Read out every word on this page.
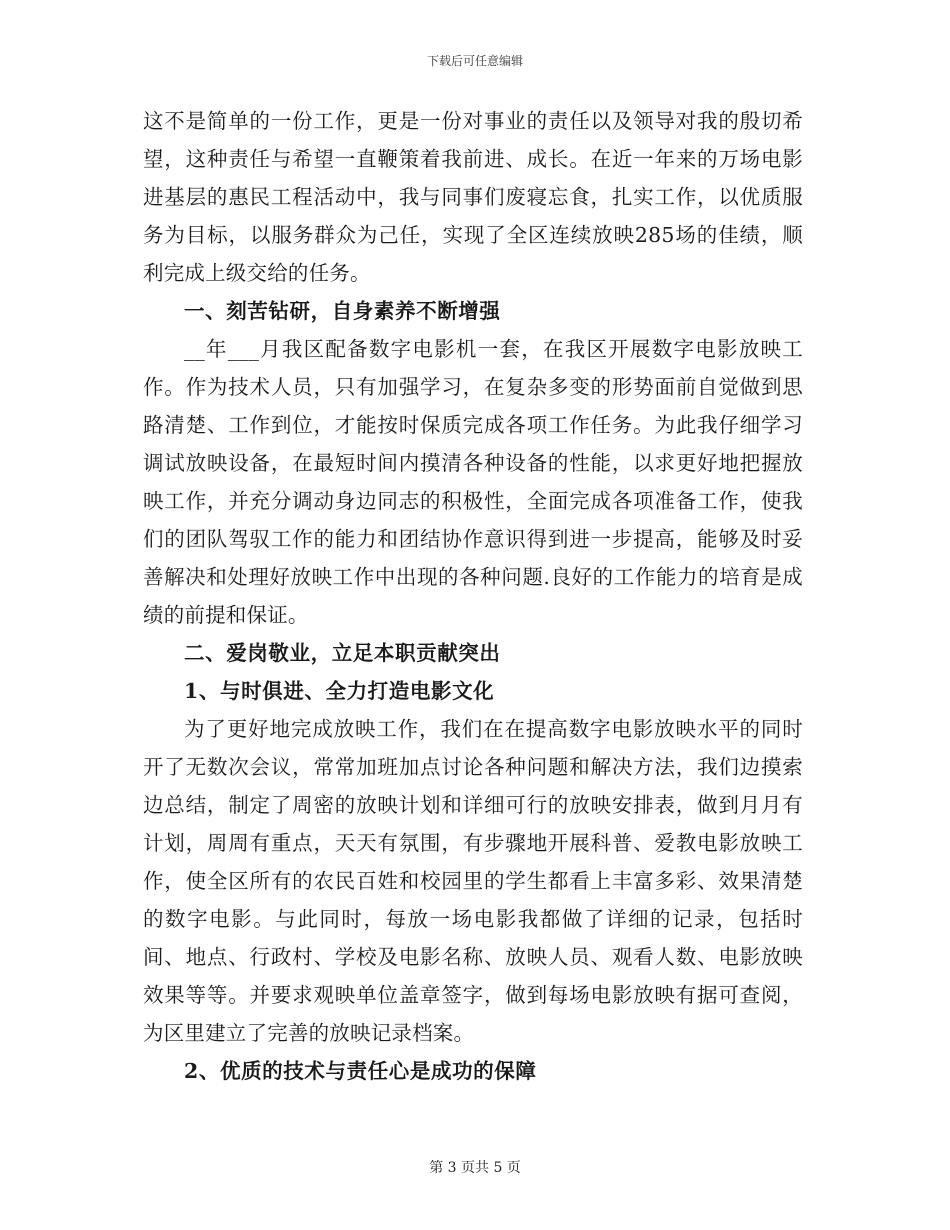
下载后可任意编辑

这不是简单的一份工作，更是一份对事业的责任以及领导对我的殷切希望，这种责任与希望一直鞭策着我前进、成长。在近一年来的万场电影进基层的惠民工程活动中，我与同事们废寝忘食，扎实工作，以优质服务为目标，以服务群众为己任，实现了全区连续放映285场的佳绩，顺利完成上级交给的任务。

一、刻苦钻研，自身素养不断增强

__年___月我区配备数字电影机一套，在我区开展数字电影放映工作。作为技术人员，只有加强学习，在复杂多变的形势面前自觉做到思路清楚、工作到位，才能按时保质完成各项工作任务。为此我仔细学习调试放映设备，在最短时间内摸清各种设备的性能，以求更好地把握放映工作，并充分调动身边同志的积极性，全面完成各项准备工作，使我们的团队驾驭工作的能力和团结协作意识得到进一步提高，能够及时妥善解决和处理好放映工作中出现的各种问题.良好的工作能力的培育是成绩的前提和保证。

二、爱岗敬业，立足本职贡献突出

1、与时俱进、全力打造电影文化

为了更好地完成放映工作，我们在在提高数字电影放映水平的同时开了无数次会议，常常加班加点讨论各种问题和解决方法，我们边摸索边总结，制定了周密的放映计划和详细可行的放映安排表，做到月月有计划，周周有重点，天天有氛围，有步骤地开展科普、爱教电影放映工作，使全区所有的农民百姓和校园里的学生都看上丰富多彩、效果清楚的数字电影。与此同时，每放一场电影我都做了详细的记录，包括时间、地点、行政村、学校及电影名称、放映人员、观看人数、电影放映效果等等。并要求观映单位盖章签字，做到每场电影放映有据可查阅，为区里建立了完善的放映记录档案。

2、优质的技术与责任心是成功的保障

第 3 页共 5 页
